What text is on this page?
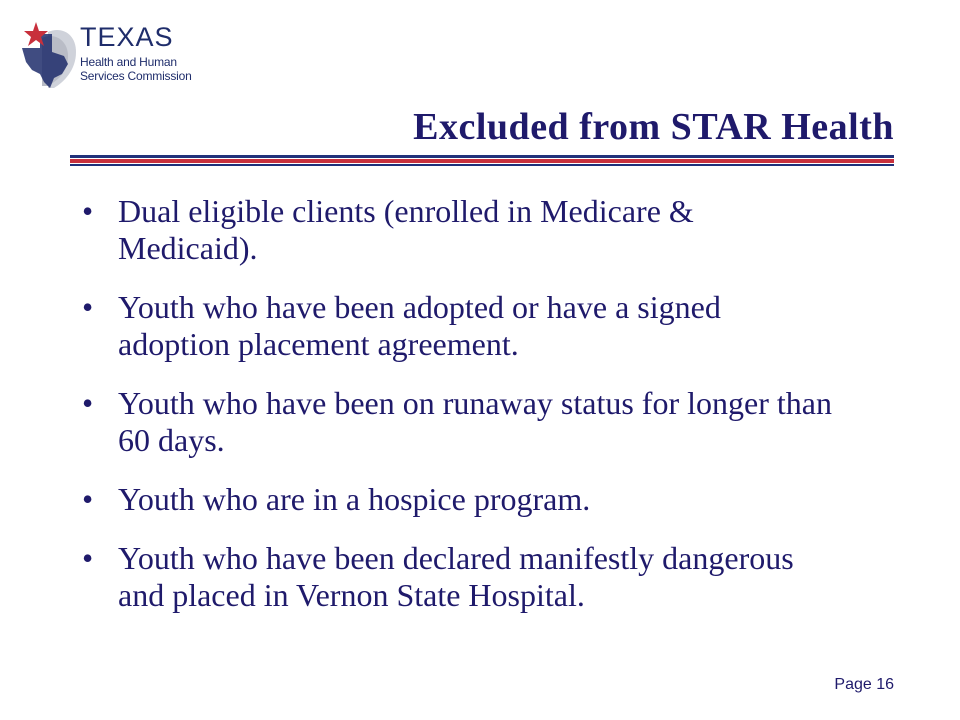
TEXAS
Health and Human
Services Commission
Excluded from STAR Health
• Dual eligible clients (enrolled in Medicare & Medicaid).
• Youth who have been adopted or have a signed adoption placement agreement.
• Youth who have been on runaway status for longer than 60 days.
• Youth who are in a hospice program.
• Youth who have been declared manifestly dangerous and placed in Vernon State Hospital.
Page 16
